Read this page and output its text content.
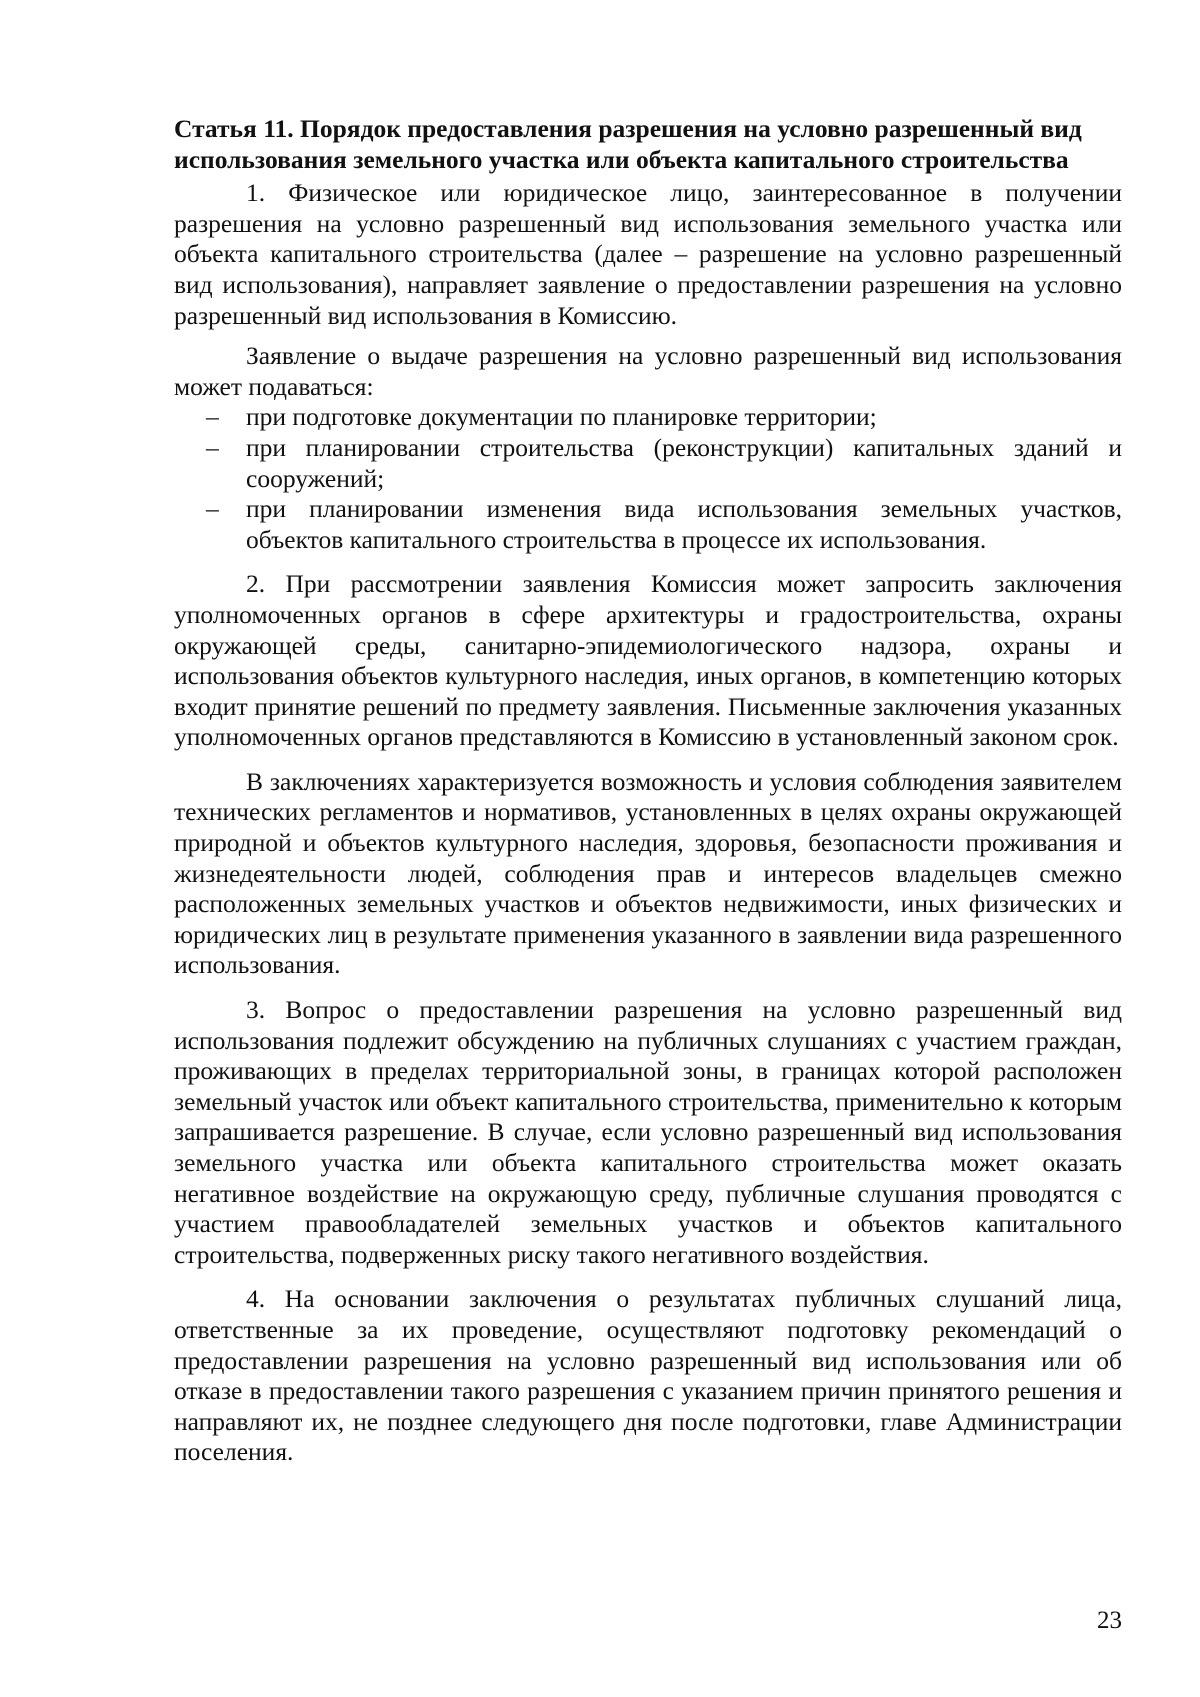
Статья 11. Порядок предоставления разрешения на условно разрешенный вид использования земельного участка или объекта капитального строительства

1. Физическое или юридическое лицо, заинтересованное в получении разрешения на условно разрешенный вид использования земельного участка или объекта капитального строительства (далее – разрешение на условно разрешенный вид использования), направляет заявление о предоставлении разрешения на условно разрешенный вид использования в Комиссию.

Заявление о выдаче разрешения на условно разрешенный вид использования может подаваться:

– при подготовке документации по планировке территории;
– при планировании строительства (реконструкции) капитальных зданий и сооружений;
– при планировании изменения вида использования земельных участков, объектов капитального строительства в процессе их использования.

2. При рассмотрении заявления Комиссия может запросить заключения уполномоченных органов в сфере архитектуры и градостроительства, охраны окружающей среды, санитарно-эпидемиологического надзора, охраны и использования объектов культурного наследия, иных органов, в компетенцию которых входит принятие решений по предмету заявления. Письменные заключения указанных уполномоченных органов представляются в Комиссию в установленный законом срок.

В заключениях характеризуется возможность и условия соблюдения заявителем технических регламентов и нормативов, установленных в целях охраны окружающей природной и объектов культурного наследия, здоровья, безопасности проживания и жизнедеятельности людей, соблюдения прав и интересов владельцев смежно расположенных земельных участков и объектов недвижимости, иных физических и юридических лиц в результате применения указанного в заявлении вида разрешенного использования.

3. Вопрос о предоставлении разрешения на условно разрешенный вид использования подлежит обсуждению на публичных слушаниях с участием граждан, проживающих в пределах территориальной зоны, в границах которой расположен земельный участок или объект капитального строительства, применительно к которым запрашивается разрешение. В случае, если условно разрешенный вид использования земельного участка или объекта капитального строительства может оказать негативное воздействие на окружающую среду, публичные слушания проводятся с участием правообладателей земельных участков и объектов капитального строительства, подверженных риску такого негативного воздействия.

4. На основании заключения о результатах публичных слушаний лица, ответственные за их проведение, осуществляют подготовку рекомендаций о предоставлении разрешения на условно разрешенный вид использования или об отказе в предоставлении такого разрешения с указанием причин принятого решения и направляют их, не позднее следующего дня после подготовки, главе Администрации поселения.

23
